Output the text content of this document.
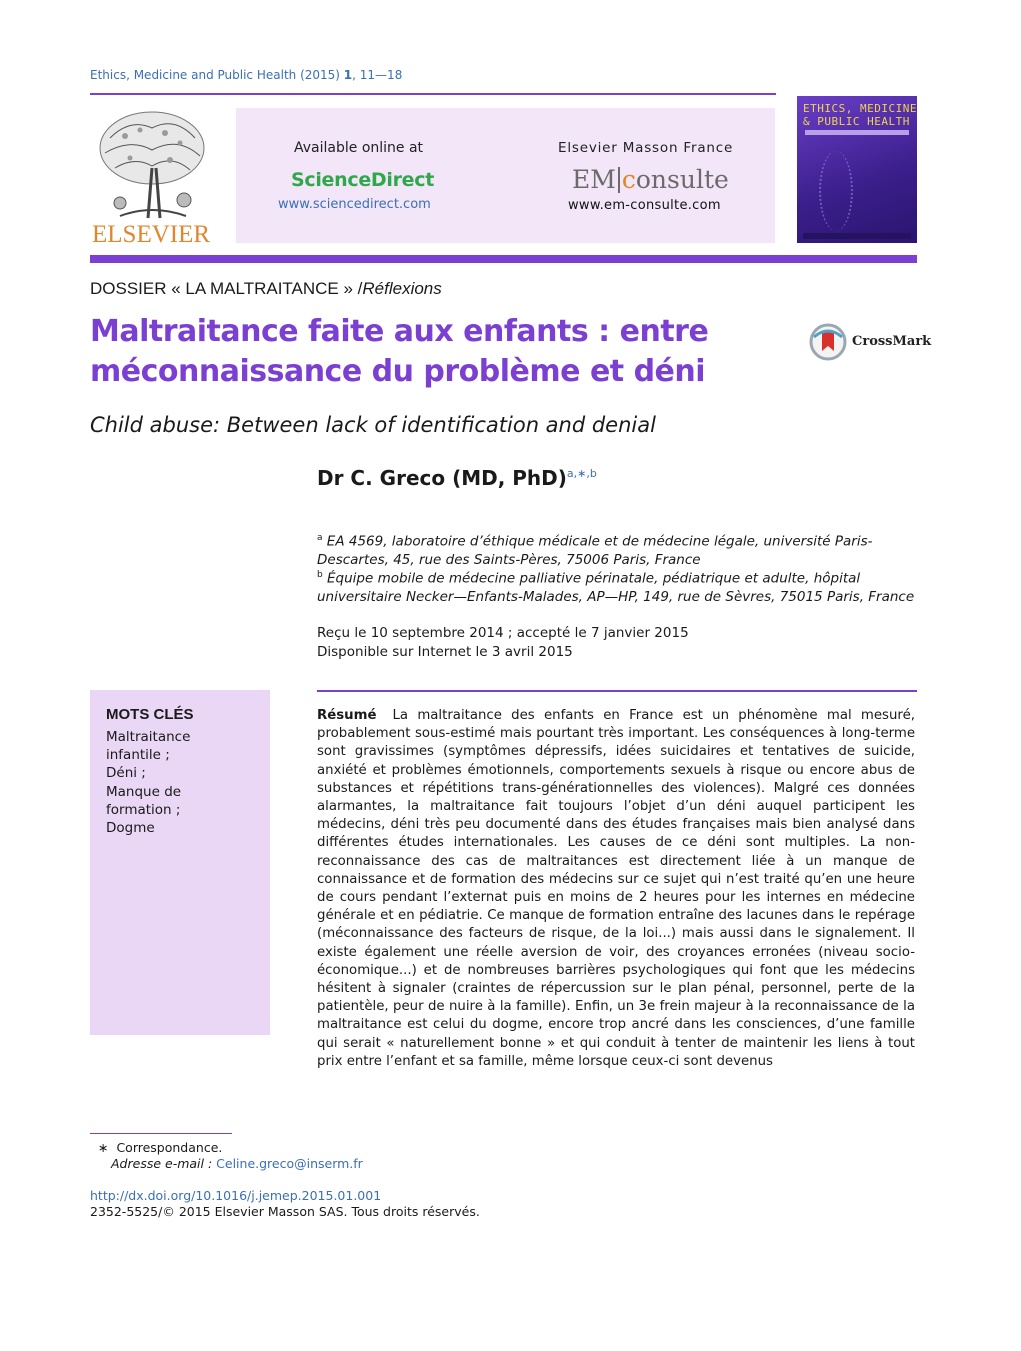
Ethics, Medicine and Public Health (2015) 1, 11—18
ELSEVIER
Available online at
ScienceDirect
www.sciencedirect.com
Elsevier Masson France
EM consulte
www.em-consulte.com
ETHICS, MEDICINE
& PUBLIC HEALTH
DOSSIER « LA MALTRAITANCE » /Réflexions
Maltraitance faite aux enfants : entre
méconnaissance du problème et déni
CrossMark
Child abuse: Between lack of identification and denial
Dr C. Greco (MD, PhD)$^{a,∗,b}$
$^a$ EA 4569, laboratoire d’éthique médicale et de médecine légale, université Paris-Descartes, 45, rue des Saints-Pères, 75006 Paris, France
$^b$ Équipe mobile de médecine palliative périnatale, pédiatrique et adulte, hôpital universitaire Necker—Enfants-Malades, AP—HP, 149, rue de Sèvres, 75015 Paris, France
Reçu le 10 septembre 2014 ; accepté le 7 janvier 2015
Disponible sur Internet le 3 avril 2015
MOTS CLÉS
Maltraitance
infantile ;
Déni ;
Manque de
formation ;
Dogme
Résumé La maltraitance des enfants en France est un phénomène mal mesuré, probablement sous-estimé mais pourtant très important. Les conséquences à long-terme sont gravissimes (symptômes dépressifs, idées suicidaires et tentatives de suicide, anxiété et problèmes émotionnels, comportements sexuels à risque ou encore abus de substances et répétitions trans-générationnelles des violences). Malgré ces données alarmantes, la maltraitance fait toujours l’objet d’un déni auquel participent les médecins, déni très peu documenté dans des études françaises mais bien analysé dans différentes études internationales. Les causes de ce déni sont multiples. La non-reconnaissance des cas de maltraitances est directement liée à un manque de connaissance et de formation des médecins sur ce sujet qui n’est traité qu’en une heure de cours pendant l’externat puis en moins de 2 heures pour les internes en médecine générale et en pédiatrie. Ce manque de formation entraîne des lacunes dans le repérage (méconnaissance des facteurs de risque, de la loi...) mais aussi dans le signalement. Il existe également une réelle aversion de voir, des croyances erronées (niveau socio-économique...) et de nombreuses barrières psychologiques qui font que les médecins hésitent à signaler (craintes de répercussion sur le plan pénal, personnel, perte de la patientèle, peur de nuire à la famille). Enfin, un 3e frein majeur à la reconnaissance de la maltraitance est celui du dogme, encore trop ancré dans les consciences, d’une famille qui serait « naturellement bonne » et qui conduit à tenter de maintenir les liens à tout prix entre l’enfant et sa famille, même lorsque ceux-ci sont devenus
∗ Correspondance.
Adresse e-mail : Celine.greco@inserm.fr
http://dx.doi.org/10.1016/j.jemep.2015.01.001
2352-5525/© 2015 Elsevier Masson SAS. Tous droits réservés.
